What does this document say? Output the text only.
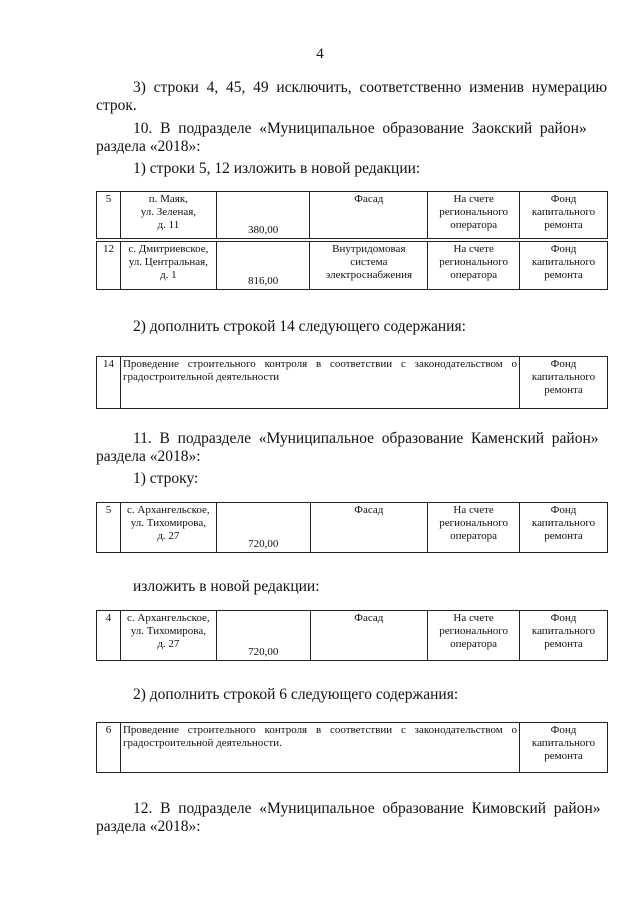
4
3)  строки  4,  45,  49  исключить,  соответственно  изменив  нумерацию
строк.
10.  В  подразделе  «Муниципальное  образование  Заокский  район»
раздела «2018»:
1) строки 5, 12 изложить в новой редакции:
5	п. Маяк,
ул. Зеленая,
д. 11	380,00	Фасад	На счете
регионального
оператора	Фонд
капитального
ремонта
12	с. Дмитриевское,
ул. Центральная,
д. 1	816,00	Внутридомовая
система
электроснабжения	На счете
регионального
оператора	Фонд
капитального
ремонта
2) дополнить строкой 14 следующего содержания:
14	Проведение строительного контроля в соответствии с законодательством о градостроительной деятельности	Фонд
капитального
ремонта
11.  В  подразделе  «Муниципальное  образование  Каменский  район»
раздела «2018»:
1) строку:
5	с. Архангельское,
ул. Тихомирова,
д. 27	720,00	Фасад	На счете
регионального
оператора	Фонд
капитального
ремонта
изложить в новой редакции:
4	с. Архангельское,
ул. Тихомирова,
д. 27	720,00	Фасад	На счете
регионального
оператора	Фонд
капитального
ремонта
2) дополнить строкой 6 следующего содержания:
6	Проведение строительного контроля в соответствии с законодательством о градостроительной деятельности.	Фонд
капитального
ремонта
12.  В  подразделе  «Муниципальное  образование  Кимовский  район»
раздела «2018»:
